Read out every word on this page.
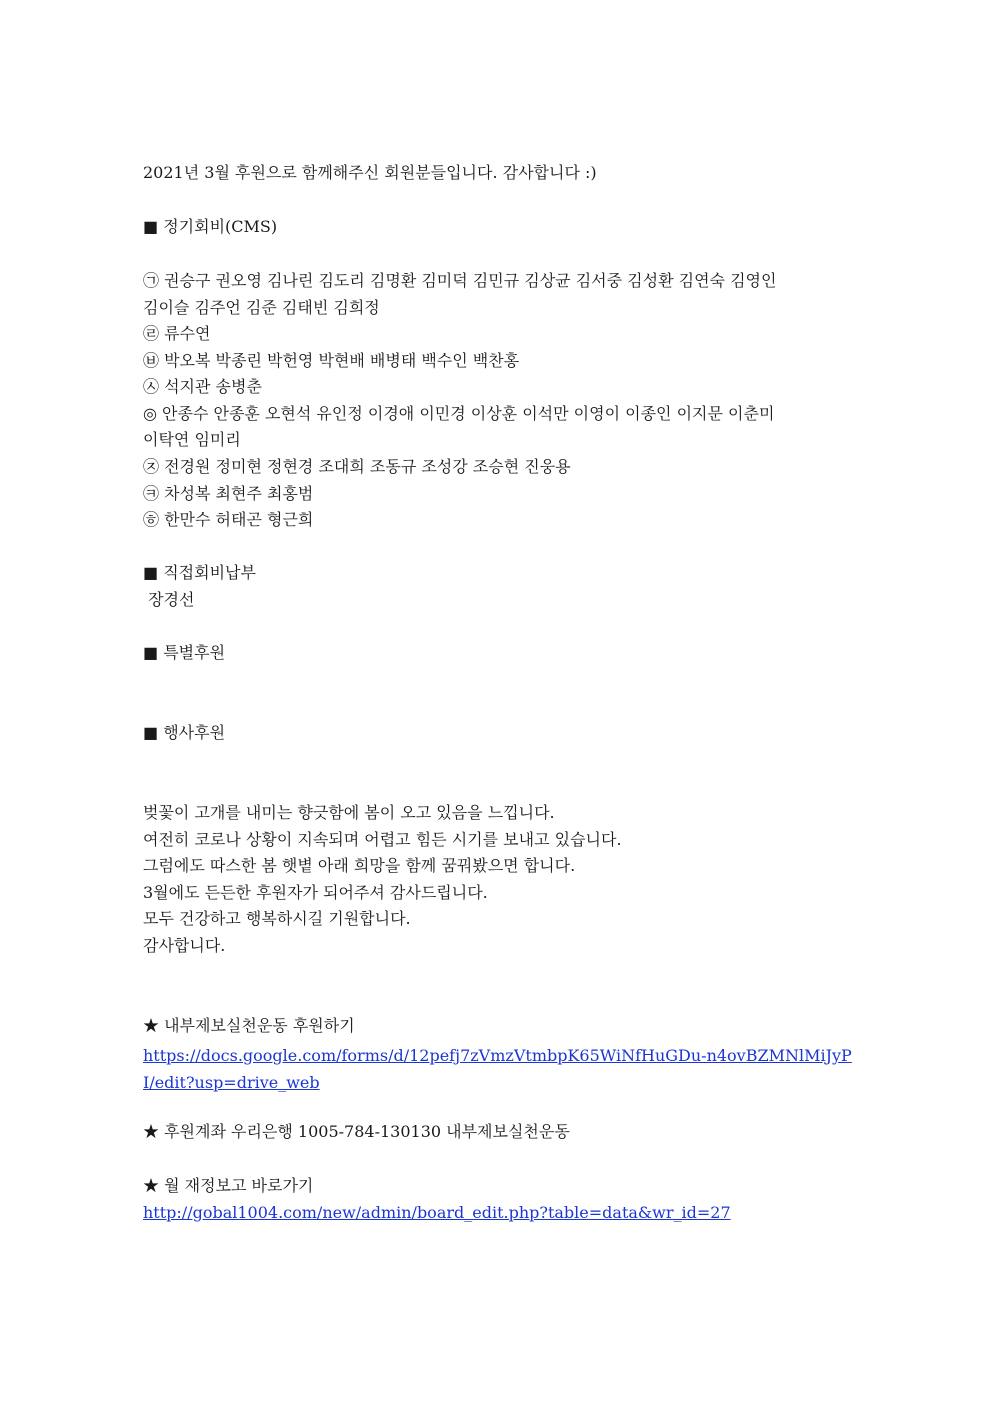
2021년 3월 후원으로 함께해주신 회원분들입니다. 감사합니다 :)
■ 정기회비(CMS)
㉠ 권승구 권오영 김나린 김도리 김명환 김미덕 김민규 김상균 김서중 김성환 김연숙 김영인
김이슬 김주언 김준 김태빈 김희정
㉣ 류수연
㉥ 박오복 박종린 박헌영 박현배 배병태 백수인 백찬홍
㉦ 석지관 송병춘
◎ 안종수 안종훈 오현석 유인정 이경애 이민경 이상훈 이석만 이영이 이종인 이지문 이춘미
이탁연 임미리
㉨ 전경원 정미현 정현경 조대희 조동규 조성강 조승현 진웅용
㉪ 차성복 최현주 최홍범
㉭ 한만수 허태곤 형근희
■ 직접회비납부
장경선
■ 특별후원
■ 행사후원
벚꽃이 고개를 내미는 향긋함에 봄이 오고 있음을 느낍니다.
여전히 코로나 상황이 지속되며 어렵고 힘든 시기를 보내고 있습니다.
그럼에도 따스한 봄 햇볕 아래 희망을 함께 꿈꿔봤으면 합니다.
3월에도 든든한 후원자가 되어주셔 감사드립니다.
모두 건강하고 행복하시길 기원합니다.
감사합니다.
★ 내부제보실천운동 후원하기
https://docs.google.com/forms/d/12pefj7zVmzVtmbpK65WiNfHuGDu-n4ovBZMNlMiJyPI/edit?usp=drive_web
★ 후원계좌 우리은행 1005-784-130130 내부제보실천운동
★ 월 재정보고 바로가기
http://gobal1004.com/new/admin/board_edit.php?table=data&wr_id=27
